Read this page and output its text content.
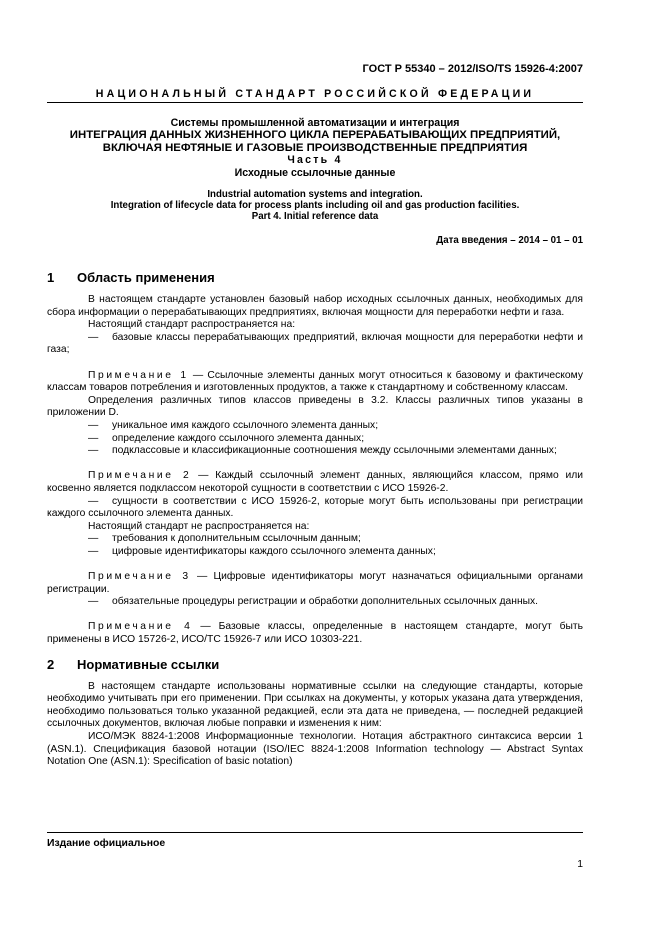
ГОСТ Р 55340 – 2012/ISO/TS 15926-4:2007
НАЦИОНАЛЬНЫЙ СТАНДАРТ РОССИЙСКОЙ ФЕДЕРАЦИИ
Системы промышленной автоматизации и интеграция
ИНТЕГРАЦИЯ ДАННЫХ ЖИЗНЕННОГО ЦИКЛА ПЕРЕРАБАТЫВАЮЩИХ ПРЕДПРИЯТИЙ,
ВКЛЮЧАЯ НЕФТЯНЫЕ И ГАЗОВЫЕ ПРОИЗВОДСТВЕННЫЕ ПРЕДПРИЯТИЯ
Часть 4
Исходные ссылочные данные
Industrial automation systems and integration.
Integration of lifecycle data for process plants including oil and gas production facilities.
Part 4. Initial reference data
Дата введения – 2014 – 01 – 01
1 Область применения

В настоящем стандарте установлен базовый набор исходных ссылочных данных, необходимых для сбора информации о перерабатывающих предприятиях, включая мощности для переработки нефти и газа.

Настоящий стандарт распространяется на:

— базовые классы перерабатывающих предприятий, включая мощности для переработки нефти и газа;

Примечание 1 — Ссылочные элементы данных могут относиться к базовому и фактическому классам товаров потребления и изготовленных продуктов, а также к стандартному и собственному классам.

Определения различных типов классов приведены в 3.2. Классы различных типов указаны в приложении D.

— уникальное имя каждого ссылочного элемента данных;

— определение каждого ссылочного элемента данных;

— подклассовые и классификационные соотношения между ссылочными элементами данных;

Примечание 2 — Каждый ссылочный элемент данных, являющийся классом, прямо или косвенно является подклассом некоторой сущности в соответствии с ИСО 15926-2.

— сущности в соответствии с ИСО 15926-2, которые могут быть использованы при регистрации каждого ссылочного элемента данных.

Настоящий стандарт не распространяется на:

— требования к дополнительным ссылочным данным;

— цифровые идентификаторы каждого ссылочного элемента данных;

Примечание 3 — Цифровые идентификаторы могут назначаться официальными органами регистрации.

— обязательные процедуры регистрации и обработки дополнительных ссылочных данных.

Примечание 4 — Базовые классы, определенные в настоящем стандарте, могут быть применены в ИСО 15726-2, ИСО/ТС 15926-7 или ИСО 10303-221.

2 Нормативные ссылки

В настоящем стандарте использованы нормативные ссылки на следующие стандарты, которые необходимо учитывать при его применении. При ссылках на документы, у которых указана дата утверждения, необходимо пользоваться только указанной редакцией, если эта дата не приведена, — последней редакцией ссылочных документов, включая любые поправки и изменения к ним:

ИСО/МЭК 8824-1:2008 Информационные технологии. Нотация абстрактного синтаксиса версии 1 (ASN.1). Спецификация базовой нотации (ISO/IEC 8824-1:2008 Information technology — Abstract Syntax Notation One (ASN.1): Specification of basic notation)

Издание официальное
1
